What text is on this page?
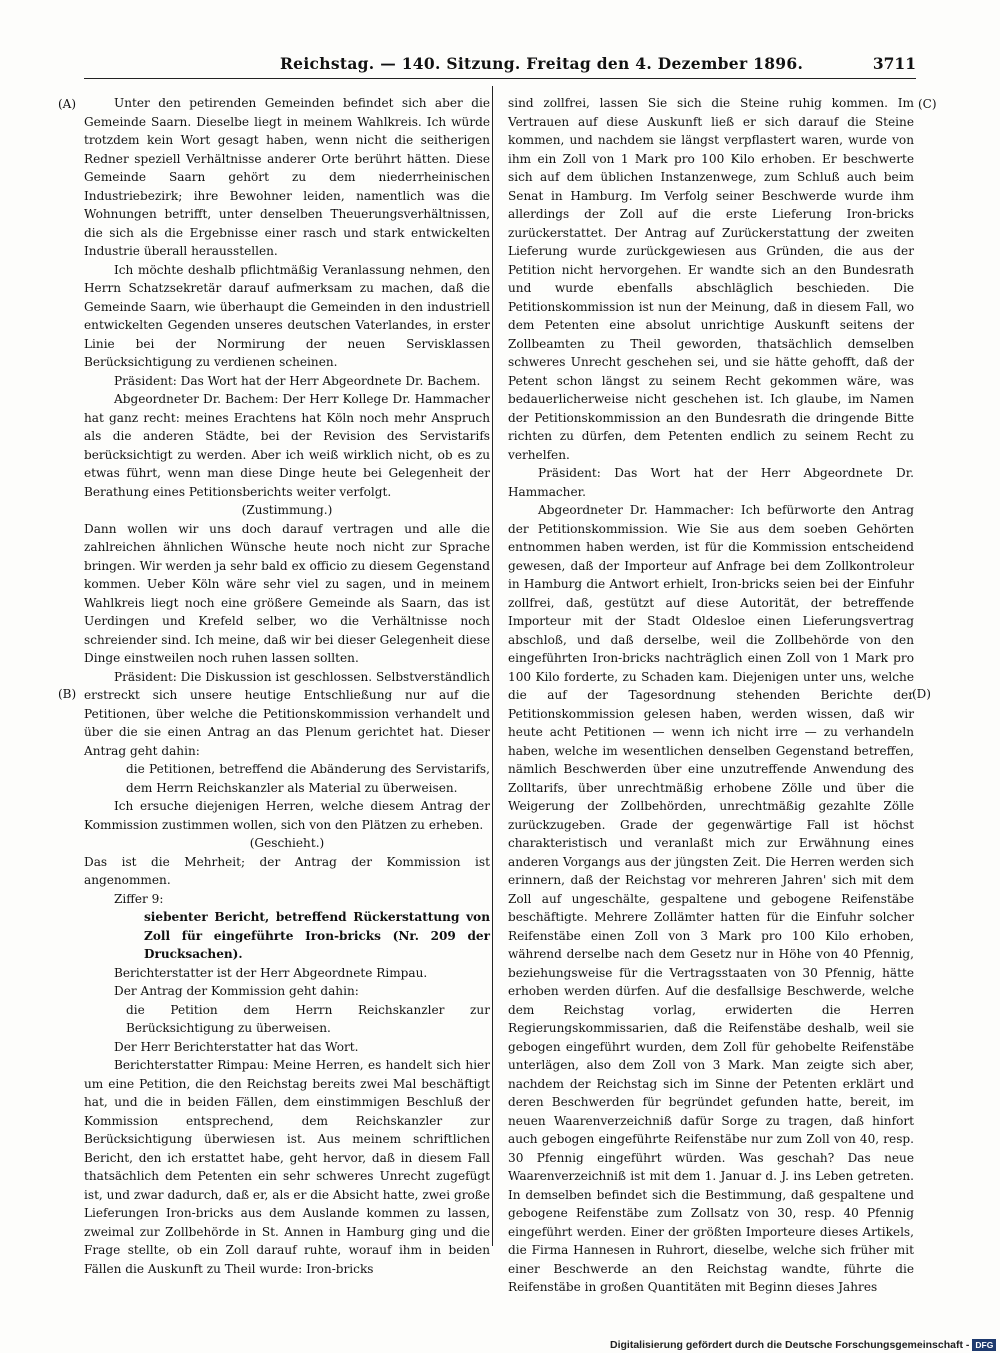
Reichstag. — 140. Sitzung. Freitag den 4. Dezember 1896.	3711
(A)
(B)
(C)
(D)

Unter den petirenden Gemeinden befindet sich aber die Gemeinde Saarn. Dieselbe liegt in meinem Wahlkreis. Ich würde trotzdem kein Wort gesagt haben, wenn nicht die seitherigen Redner speziell Verhältnisse anderer Orte berührt hätten. Diese Gemeinde Saarn gehört zu dem niederrheinischen Industriebezirk; ihre Bewohner leiden, namentlich was die Wohnungen betrifft, unter denselben Theuerungsverhältnissen, die sich als die Ergebnisse einer rasch und stark entwickelten Industrie überall herausstellen.

Ich möchte deshalb pflichtmäßig Veranlassung nehmen, den Herrn Schatzsekretär darauf aufmerksam zu machen, daß die Gemeinde Saarn, wie überhaupt die Gemeinden in den industriell entwickelten Gegenden unseres deutschen Vaterlandes, in erster Linie bei der Normirung der neuen Servisklassen Berücksichtigung zu verdienen scheinen.

Präsident: Das Wort hat der Herr Abgeordnete Dr. Bachem.

Abgeordneter Dr. Bachem: Der Herr Kollege Dr. Hammacher hat ganz recht: meines Erachtens hat Köln noch mehr Anspruch als die anderen Städte, bei der Revision des Servistarifs berücksichtigt zu werden. Aber ich weiß wirklich nicht, ob es zu etwas führt, wenn man diese Dinge heute bei Gelegenheit der Berathung eines Petitionsberichts weiter verfolgt.

(Zustimmung.)

Dann wollen wir uns doch darauf vertragen und alle die zahlreichen ähnlichen Wünsche heute noch nicht zur Sprache bringen. Wir werden ja sehr bald ex officio zu diesem Gegenstand kommen. Ueber Köln wäre sehr viel zu sagen, und in meinem Wahlkreis liegt noch eine größere Gemeinde als Saarn, das ist Uerdingen und Krefeld selber, wo die Verhältnisse noch schreiender sind. Ich meine, daß wir bei dieser Gelegenheit diese Dinge einstweilen noch ruhen lassen sollten.

Präsident: Die Diskussion ist geschlossen. Selbstverständlich erstreckt sich unsere heutige Entschließung nur auf die Petitionen, über welche die Petitionskommission verhandelt und über die sie einen Antrag an das Plenum gerichtet hat. Dieser Antrag geht dahin:

die Petitionen, betreffend die Abänderung des Servistarifs, dem Herrn Reichskanzler als Material zu überweisen.

Ich ersuche diejenigen Herren, welche diesem Antrag der Kommission zustimmen wollen, sich von den Plätzen zu erheben.

(Geschieht.)

Das ist die Mehrheit; der Antrag der Kommission ist angenommen.

Ziffer 9:

siebenter Bericht, betreffend Rückerstattung von Zoll für eingeführte Iron-bricks (Nr. 209 der Drucksachen).

Berichterstatter ist der Herr Abgeordnete Rimpau.

Der Antrag der Kommission geht dahin:

die Petition dem Herrn Reichskanzler zur Berücksichtigung zu überweisen.

Der Herr Berichterstatter hat das Wort.

Berichterstatter Rimpau: Meine Herren, es handelt sich hier um eine Petition, die den Reichstag bereits zwei Mal beschäftigt hat, und die in beiden Fällen, dem einstimmigen Beschluß der Kommission entsprechend, dem Reichskanzler zur Berücksichtigung überwiesen ist. Aus meinem schriftlichen Bericht, den ich erstattet habe, geht hervor, daß in diesem Fall thatsächlich dem Petenten ein sehr schweres Unrecht zugefügt ist, und zwar dadurch, daß er, als er die Absicht hatte, zwei große Lieferungen Iron-bricks aus dem Auslande kommen zu lassen, zweimal zur Zollbehörde in St. Annen in Hamburg ging und die Frage stellte, ob ein Zoll darauf ruhte, worauf ihm in beiden Fällen die Auskunft zu Theil wurde: Iron-bricks

sind zollfrei, lassen Sie sich die Steine ruhig kommen. Im Vertrauen auf diese Auskunft ließ er sich darauf die Steine kommen, und nachdem sie längst verpflastert waren, wurde von ihm ein Zoll von 1 Mark pro 100 Kilo erhoben. Er beschwerte sich auf dem üblichen Instanzenwege, zum Schluß auch beim Senat in Hamburg. Im Verfolg seiner Beschwerde wurde ihm allerdings der Zoll auf die erste Lieferung Iron-bricks zurückerstattet. Der Antrag auf Zurückerstattung der zweiten Lieferung wurde zurückgewiesen aus Gründen, die aus der Petition nicht hervorgehen. Er wandte sich an den Bundesrath und wurde ebenfalls abschläglich beschieden. Die Petitionskommission ist nun der Meinung, daß in diesem Fall, wo dem Petenten eine absolut unrichtige Auskunft seitens der Zollbeamten zu Theil geworden, thatsächlich demselben schweres Unrecht geschehen sei, und sie hätte gehofft, daß der Petent schon längst zu seinem Recht gekommen wäre, was bedauerlicherweise nicht geschehen ist. Ich glaube, im Namen der Petitionskommission an den Bundesrath die dringende Bitte richten zu dürfen, dem Petenten endlich zu seinem Recht zu verhelfen.

Präsident: Das Wort hat der Herr Abgeordnete Dr. Hammacher.

Abgeordneter Dr. Hammacher: Ich befürworte den Antrag der Petitionskommission. Wie Sie aus dem soeben Gehörten entnommen haben werden, ist für die Kommission entscheidend gewesen, daß der Importeur auf Anfrage bei dem Zollkontroleur in Hamburg die Antwort erhielt, Iron-bricks seien bei der Einfuhr zollfrei, daß, gestützt auf diese Autorität, der betreffende Importeur mit der Stadt Oldesloe einen Lieferungsvertrag abschloß, und daß derselbe, weil die Zollbehörde von den eingeführten Iron-bricks nachträglich einen Zoll von 1 Mark pro 100 Kilo forderte, zu Schaden kam. Diejenigen unter uns, welche die auf der Tagesordnung stehenden Berichte der Petitionskommission gelesen haben, werden wissen, daß wir heute acht Petitionen — wenn ich nicht irre — zu verhandeln haben, welche im wesentlichen denselben Gegenstand betreffen, nämlich Beschwerden über eine unzutreffende Anwendung des Zolltarifs, über unrechtmäßig erhobene Zölle und über die Weigerung der Zollbehörden, unrechtmäßig gezahlte Zölle zurückzugeben. Grade der gegenwärtige Fall ist höchst charakteristisch und veranlaßt mich zur Erwähnung eines anderen Vorgangs aus der jüngsten Zeit. Die Herren werden sich erinnern, daß der Reichstag vor mehreren Jahren' sich mit dem Zoll auf ungeschälte, gespaltene und gebogene Reifenstäbe beschäftigte. Mehrere Zollämter hatten für die Einfuhr solcher Reifenstäbe einen Zoll von 3 Mark pro 100 Kilo erhoben, während derselbe nach dem Gesetz nur in Höhe von 40 Pfennig, beziehungsweise für die Vertragsstaaten von 30 Pfennig, hätte erhoben werden dürfen. Auf die desfallsige Beschwerde, welche dem Reichstag vorlag, erwiderten die Herren Regierungskommissarien, daß die Reifenstäbe deshalb, weil sie gebogen eingeführt wurden, dem Zoll für gehobelte Reifenstäbe unterlägen, also dem Zoll von 3 Mark. Man zeigte sich aber, nachdem der Reichstag sich im Sinne der Petenten erklärt und deren Beschwerden für begründet gefunden hatte, bereit, im neuen Waarenverzeichniß dafür Sorge zu tragen, daß hinfort auch gebogen eingeführte Reifenstäbe nur zum Zoll von 40, resp. 30 Pfennig eingeführt würden. Was geschah? Das neue Waarenverzeichniß ist mit dem 1. Januar d. J. ins Leben getreten. In demselben befindet sich die Bestimmung, daß gespaltene und gebogene Reifenstäbe zum Zollsatz von 30, resp. 40 Pfennig eingeführt werden. Einer der größten Importeure dieses Artikels, die Firma Hannesen in Ruhrort, dieselbe, welche sich früher mit einer Beschwerde an den Reichstag wandte, führte die Reifenstäbe in großen Quantitäten mit Beginn dieses Jahres

Digitalisierung gefördert durch die Deutsche Forschungsgemeinschaft - DFG
